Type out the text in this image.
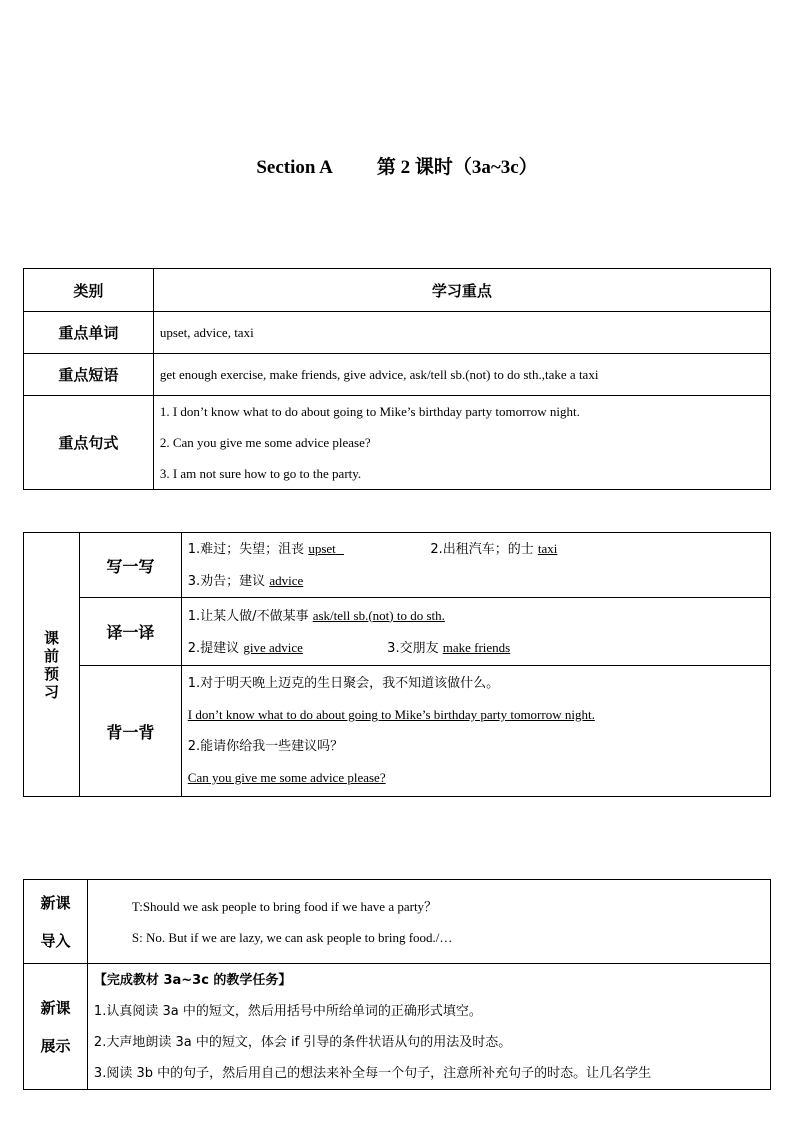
Section A 第 2 课时（3a~3c）
类别	学习重点
重点单词	upset, advice, taxi
重点短语	get enough exercise, make friends, give advice, ask/tell sb.(not) to do sth.,take a taxi
重点句式	1. I don’t know what to do about going to Mike’s birthday party tomorrow night.
2. Can you give me some advice please?
3. I am not sure how to go to the party.
课
前
预
习	写一写	1.难过；失望；沮丧 upset 2.出租汽车；的士 taxi
3.劝告；建议 advice

	译一译	1.让某人做/不做某事 ask/tell sb.(not) to do sth.
2.提建议 give advice 3.交朋友 make friends

	背一背	1.对于明天晚上迈克的生日聚会，我不知道该做什么。
I don’t know what to do about going to Mike’s birthday party tomorrow night.
2.能请你给我一些建议吗？
Can you give me some advice please?
新课
导入	T:Should we ask people to bring food if we have a party？
S: No. But if we are lazy, we can ask people to bring food./…

新课
展示	【完成教材 3a~3c 的教学任务】
1.认真阅读 3a 中的短文，然后用括号中所给单词的正确形式填空。
2.大声地朗读 3a 中的短文，体会 if 引导的条件状语从句的用法及时态。
3.阅读 3b 中的句子，然后用自己的想法来补全每一个句子，注意所补充句子的时态。让几名学生
